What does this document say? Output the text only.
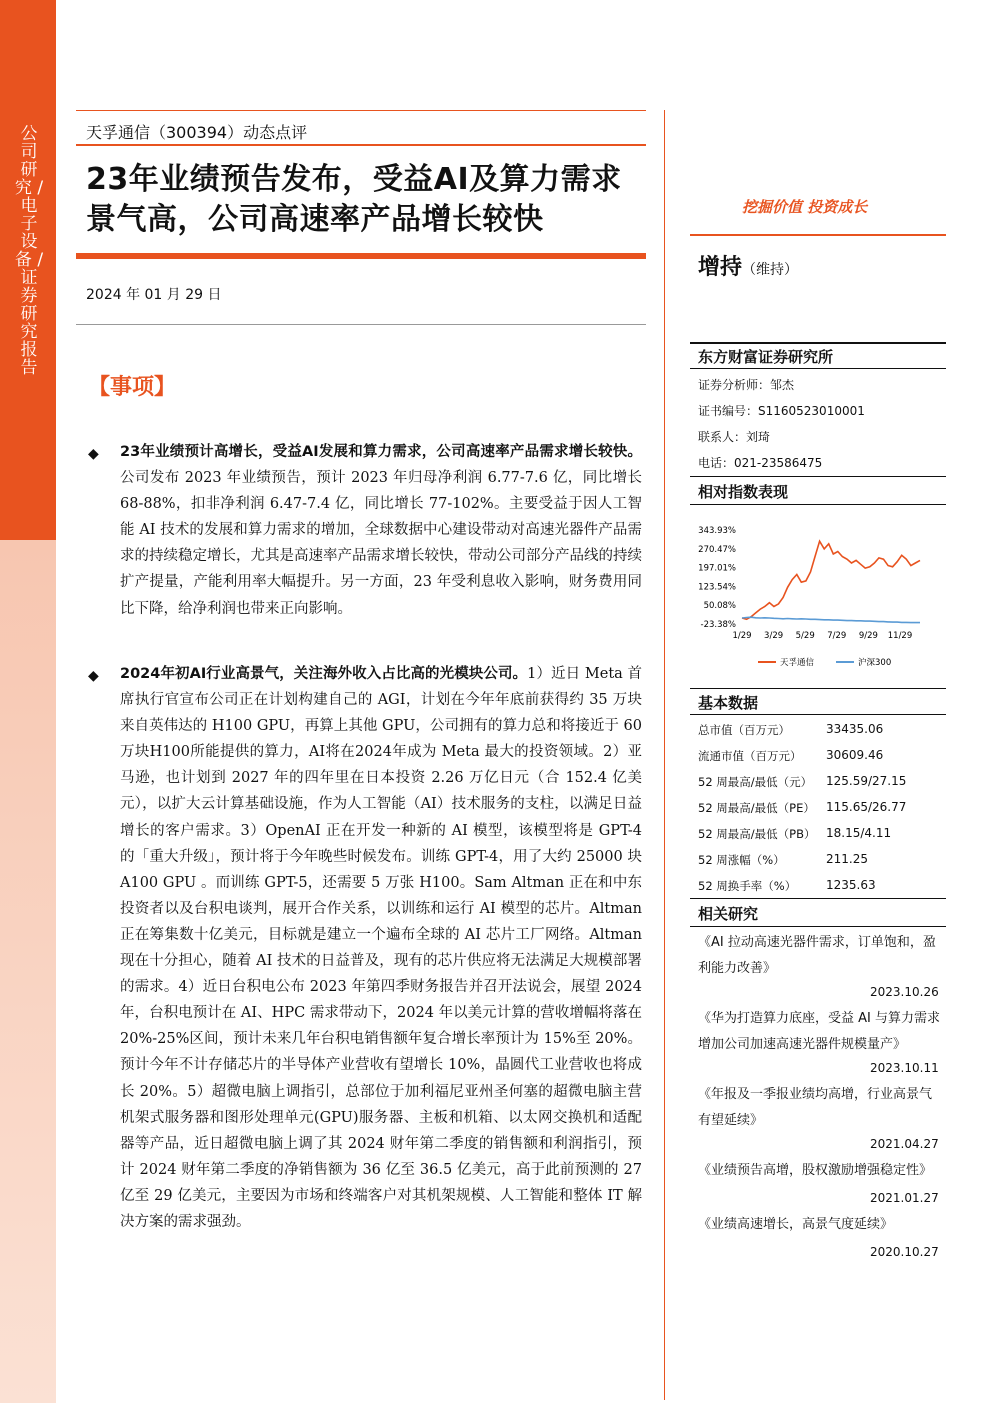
公司研究 / 电子设备 / 证券研究报告
天孚通信（300394）动态点评
23年业绩预告发布，受益AI及算力需求
景气高，公司高速率产品增长较快
2024 年 01 月 29 日
【事项】
◆ 23年业绩预计高增长，受益AI发展和算力需求，公司高速率产品需求增长较快。公司发布 2023 年业绩预告，预计 2023 年归母净利润 6.77-7.6 亿，同比增长 68-88%，扣非净利润 6.47-7.4 亿，同比增长 77-102%。主要受益于因人工智能 AI 技术的发展和算力需求的增加，全球数据中心建设带动对高速光器件产品需求的持续稳定增长，尤其是高速率产品需求增长较快，带动公司部分产品线的持续扩产提量，产能利用率大幅提升。另一方面，23 年受利息收入影响，财务费用同比下降，给净利润也带来正向影响。
◆ 2024年初AI行业高景气，关注海外收入占比高的光模块公司。1）近日 Meta 首席执行官宣布公司正在计划构建自己的 AGI，计划在今年年底前获得约 35 万块来自英伟达的 H100 GPU，再算上其他 GPU，公司拥有的算力总和将接近于 60 万块H100所能提供的算力，AI将在2024年成为 Meta 最大的投资领域。2）亚马逊，也计划到 2027 年的四年里在日本投资 2.26 万亿日元（合 152.4 亿美元），以扩大云计算基础设施，作为人工智能（AI）技术服务的支柱，以满足日益增长的客户需求。3）OpenAI 正在开发一种新的 AI 模型，该模型将是 GPT-4 的「重大升级」，预计将于今年晚些时候发布。训练 GPT-4，用了大约 25000 块 A100 GPU 。而训练 GPT-5，还需要 5 万张 H100。Sam Altman 正在和中东投资者以及台积电谈判，展开合作关系，以训练和运行 AI 模型的芯片。Altman 正在筹集数十亿美元，目标就是建立一个遍布全球的 AI 芯片工厂网络。Altman 现在十分担心，随着 AI 技术的日益普及，现有的芯片供应将无法满足大规模部署的需求。4）近日台积电公布 2023 年第四季财务报告并召开法说会，展望 2024 年，台积电预计在 AI、HPC 需求带动下，2024 年以美元计算的营收增幅将落在 20%-25%区间，预计未来几年台积电销售额年复合增长率预计为 15%至 20%。预计今年不计存储芯片的半导体产业营收有望增长 10%，晶圆代工业营收也将成长 20%。5）超微电脑上调指引，总部位于加利福尼亚州圣何塞的超微电脑主营机架式服务器和图形处理单元(GPU)服务器、主板和机箱、以太网交换机和适配器等产品，近日超微电脑上调了其 2024 财年第二季度的销售额和利润指引，预计 2024 财年第二季度的净销售额为 36 亿至 36.5 亿美元，高于此前预测的 27 亿至 29 亿美元，主要因为市场和终端客户对其机架规模、人工智能和整体 IT 解决方案的需求强劲。
挖掘价值 投资成长
增持（维持）
东方财富证券研究所
证券分析师：邹杰
证书编号：S1160523010001
联系人：刘琦
电话：021-23586475
相对指数表现
343.93%
270.47%
197.01%
123.54%
50.08%
-23.38%
1/29 3/29 5/29 7/29 9/29 11/29
天孚通信	沪深300
基本数据
总市值（百万元）	33435.06
流通市值（百万元） 30609.46
52 周最高/最低（元） 125.59/27.15
52 周最高/最低（PE） 115.65/26.77
52 周最高/最低（PB） 18.15/4.11
52 周涨幅（%）	211.25
52 周换手率（%） 1235.63
相关研究
《AI 拉动高速光器件需求，订单饱和，盈利能力改善》
2023.10.26
《华为打造算力底座，受益 AI 与算力需求增加公司加速高速光器件规模量产》
2023.10.11
《年报及一季报业绩均高增，行业高景气有望延续》
2021.04.27
《业绩预告高增，股权激励增强稳定性》
2021.01.27
《业绩高速增长，高景气度延续》
2020.10.27
